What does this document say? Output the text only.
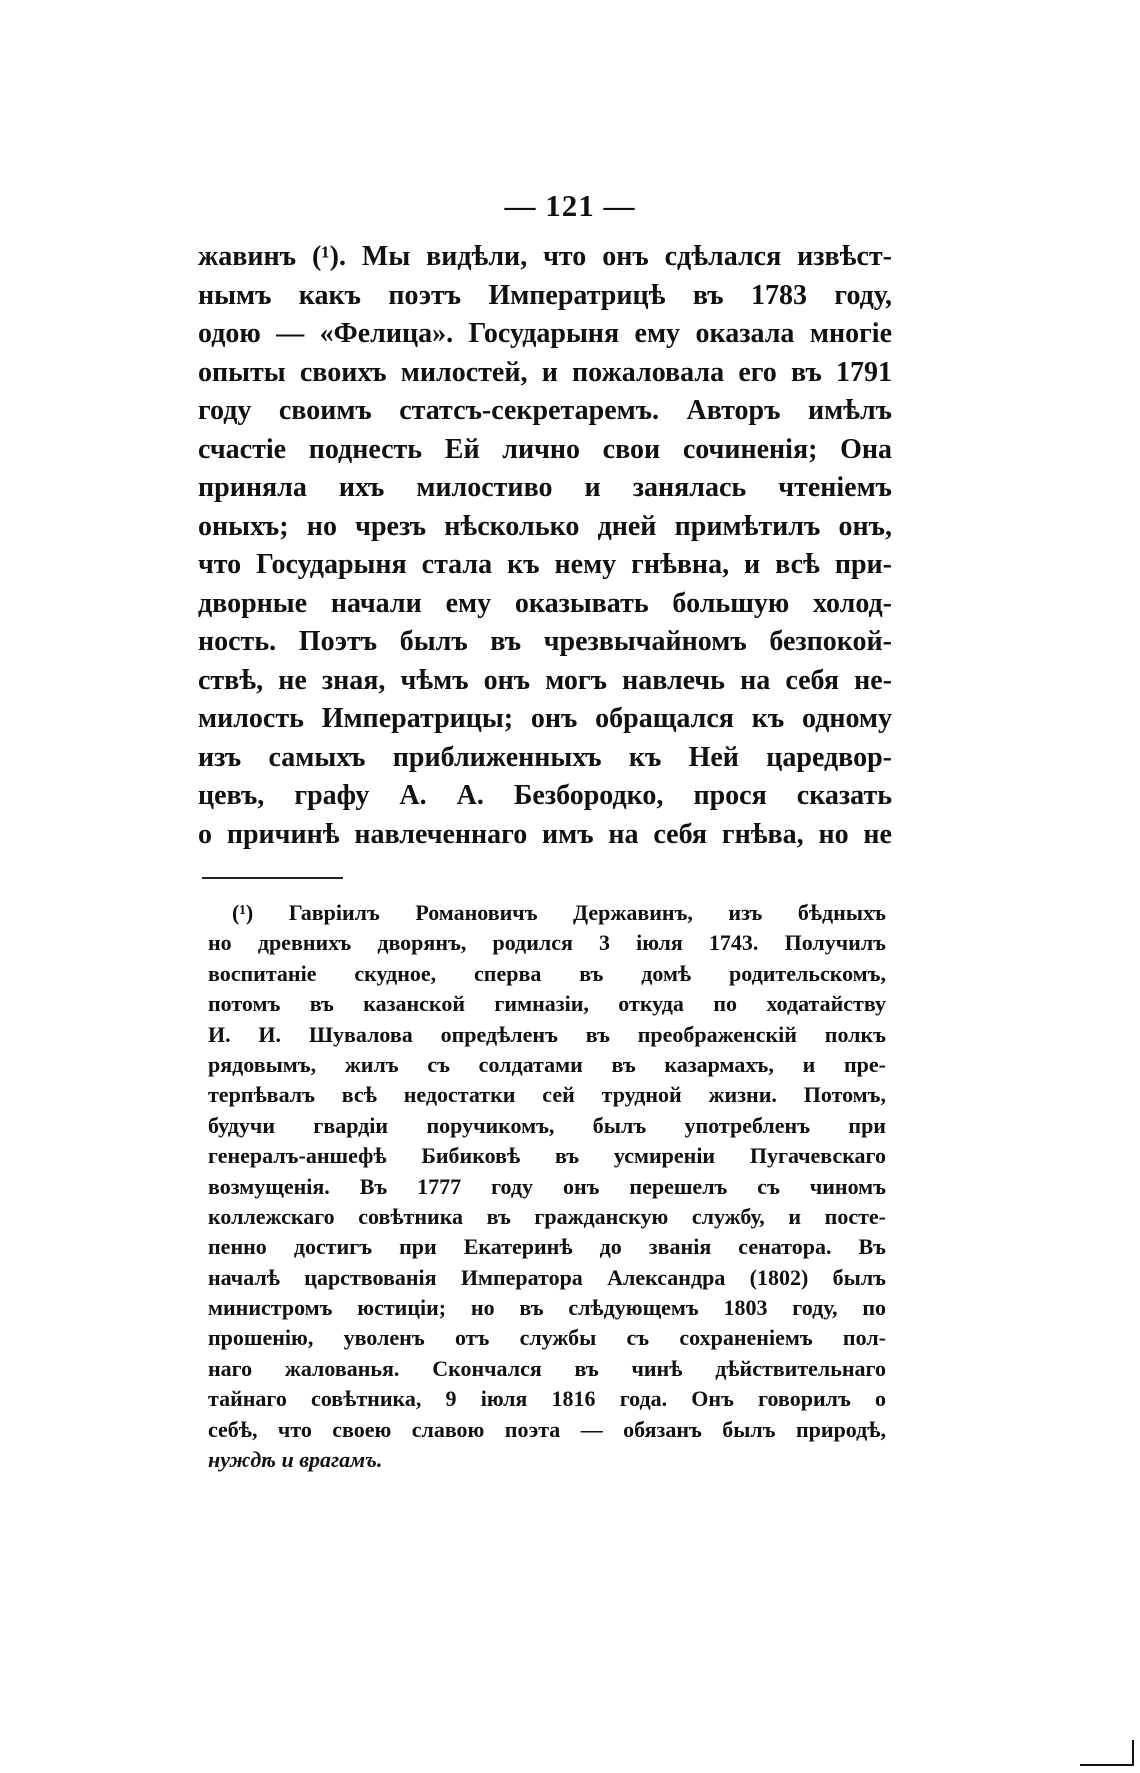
— 121 —
жавинъ (¹). Мы видѣли, что онъ сдѣлался извѣст-
нымъ какъ поэтъ Императрицѣ въ 1783 году,
одою — «Фелица». Государыня ему оказала многіе
опыты своихъ милостей, и пожаловала его въ 1791
году своимъ статсъ-секретаремъ. Авторъ имѣлъ
счастіе поднесть Ей лично свои сочиненія; Она
приняла ихъ милостиво и занялась чтеніемъ
оныхъ; но чрезъ нѣсколько дней примѣтилъ онъ,
что Государыня стала къ нему гнѣвна, и всѣ при-
дворные начали ему оказывать большую холод-
ность. Поэтъ былъ въ чрезвычайномъ безпокой-
ствѣ, не зная, чѣмъ онъ могъ навлечь на себя не-
милость Императрицы; онъ обращался къ одному
изъ самыхъ приближенныхъ къ Ней царедвор-
цевъ, графу А. А. Безбородко, прося сказать
о причинѣ навлеченнаго имъ на себя гнѣва, но не
(¹) Гавріилъ Романовичъ Державинъ, изъ бѣдныхъ
но древнихъ дворянъ, родился 3 іюля 1743. Получилъ
воспитаніе скудное, сперва въ домѣ родительскомъ,
потомъ въ казанской гимназіи, откуда по ходатайству
И. И. Шувалова опредѣленъ въ преображенскій полкъ
рядовымъ, жилъ съ солдатами въ казармахъ, и пре-
терпѣвалъ всѣ недостатки сей трудной жизни. Потомъ,
будучи гвардіи поручикомъ, былъ употребленъ при
генералъ-аншефѣ Бибиковѣ въ усмиреніи Пугачевскаго
возмущенія. Въ 1777 году онъ перешелъ съ чиномъ
коллежскаго совѣтника въ гражданскую службу, и посте-
пенно достигъ при Екатеринѣ до званія сенатора. Въ
началѣ царствованія Императора Александра (1802) былъ
министромъ юстиціи; но въ слѣдующемъ 1803 году, по
прошенію, уволенъ отъ службы съ сохраненіемъ пол-
наго жалованья. Скончался въ чинѣ дѣйствительнаго
тайнаго совѣтника, 9 іюля 1816 года. Онъ говорилъ о
себѣ, что своею славою поэта — обязанъ былъ природѣ,
нуждѣ и врагамъ.
